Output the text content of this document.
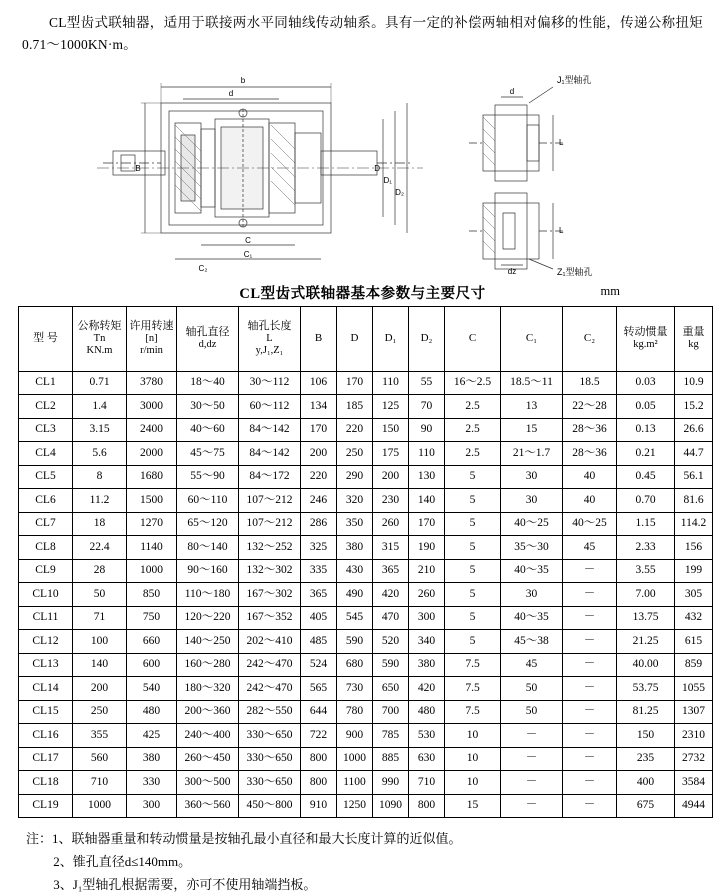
CL型齿式联轴器，适用于联接两水平同轴线传动轴系。具有一定的补偿两轴相对偏移的性能，传递公称扭矩0.71～1000KN·m。

b
d
B	D
D₁
D₂
C
C₁
C₂
d
dz
L
L
J₁型轴孔
Z₁型轴孔
CL型齿式联轴器基本参数与主要尺寸	mm
型 号	公称转矩
Tn
KN.m	许用转速
[n]
r/min	轴孔直径
d,dz	轴孔长度
L
y,J₁,Z₁	B	D	D₁	D₂	C	C₁	C₂	转动惯量
kg.m²	重量
kg

CL1	0.71	3780	18～40	30～112	106	170	110	55	16～2.5	18.5～11	18.5	0.03	10.9
CL2	1.4	3000	30～50	60～112	134	185	125	70	2.5	13	22～28	0.05	15.2
CL3	3.15	2400	40～60	84～142	170	220	150	90	2.5	15	28～36	0.13	26.6
CL4	5.6	2000	45～75	84～142	200	250	175	110	2.5	21～1.7	28～36	0.21	44.7
CL5	8	1680	55～90	84～172	220	290	200	130	5	30	40	0.45	56.1
CL6	11.2	1500	60～110	107～212	246	320	230	140	5	30	40	0.70	81.6
CL7	18	1270	65～120	107～212	286	350	260	170	5	40～25	40～25	1.15	114.2
CL8	22.4	1140	80～140	132～252	325	380	315	190	5	35～30	45	2.33	156
CL9	28	1000	90～160	132～302	335	430	365	210	5	40～35	－	3.55	199
CL10	50	850	110～180	167～302	365	490	420	260	5	30	－	7.00	305
CL11	71	750	120～220	167～352	405	545	470	300	5	40～35	－	13.75	432
CL12	100	660	140～250	202～410	485	590	520	340	5	45～38	－	21.25	615
CL13	140	600	160～280	242～470	524	680	590	380	7.5	45	－	40.00	859
CL14	200	540	180～320	242～470	565	730	650	420	7.5	50	－	53.75	1055
CL15	250	480	200～360	282～550	644	780	700	480	7.5	50	－	81.25	1307
CL16	355	425	240～400	330～650	722	900	785	530	10	－	－	150	2310
CL17	560	380	260～450	330～650	800	1000	885	630	10	－	－	235	2732
CL18	710	330	300～500	330～650	800	1100	990	710	10	－	－	400	3584
CL19	1000	300	360～560	450～800	910	1250	1090	800	15	－	－	675	4944
注：1、联轴器重量和转动惯量是按轴孔最小直径和最大长度计算的近似值。
2、锥孔直径d≤140mm。
3、J₁型轴孔根据需要，亦可不使用轴端挡板。
